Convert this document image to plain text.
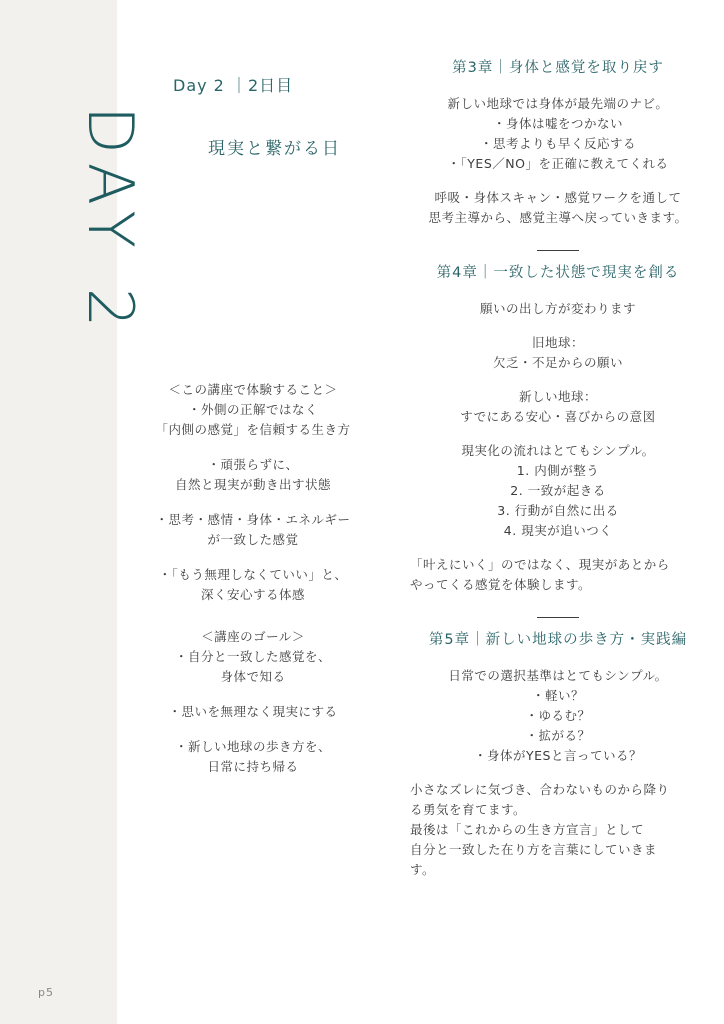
DAY 2
p5
Day 2 ｜2日目
現実と繋がる日
＜この講座で体験すること＞
・外側の正解ではなく
「内側の感覚」を信頼する生き方
・頑張らずに、
自然と現実が動き出す状態
・思考・感情・身体・エネルギー
が一致した感覚
・「もう無理しなくていい」と、
深く安心する体感
＜講座のゴール＞
・自分と一致した感覚を、
身体で知る
・思いを無理なく現実にする
・新しい地球の歩き方を、
日常に持ち帰る
第3章｜身体と感覚を取り戻す

新しい地球では身体が最先端のナビ。
・身体は嘘をつかない
・思考よりも早く反応する
・「YES／NO」を正確に教えてくれる

呼吸・身体スキャン・感覚ワークを通して
思考主導から、感覚主導へ戻っていきます。

第4章｜一致した状態で現実を創る

願いの出し方が変わります

旧地球：
欠乏・不足からの願い

新しい地球：
すでにある安心・喜びからの意図

現実化の流れはとてもシンプル。
1. 内側が整う
2. 一致が起きる
3. 行動が自然に出る
4. 現実が追いつく

「叶えにいく」のではなく、現実があとから
やってくる感覚を体験します。

第5章｜新しい地球の歩き方・実践編

日常での選択基準はとてもシンプル。
・軽い？
・ゆるむ？
・拡がる？
・身体がYESと言っている？

小さなズレに気づき、合わないものから降り
る勇気を育てます。
最後は「これからの生き方宣言」として
自分と一致した在り方を言葉にしていきま
す。
